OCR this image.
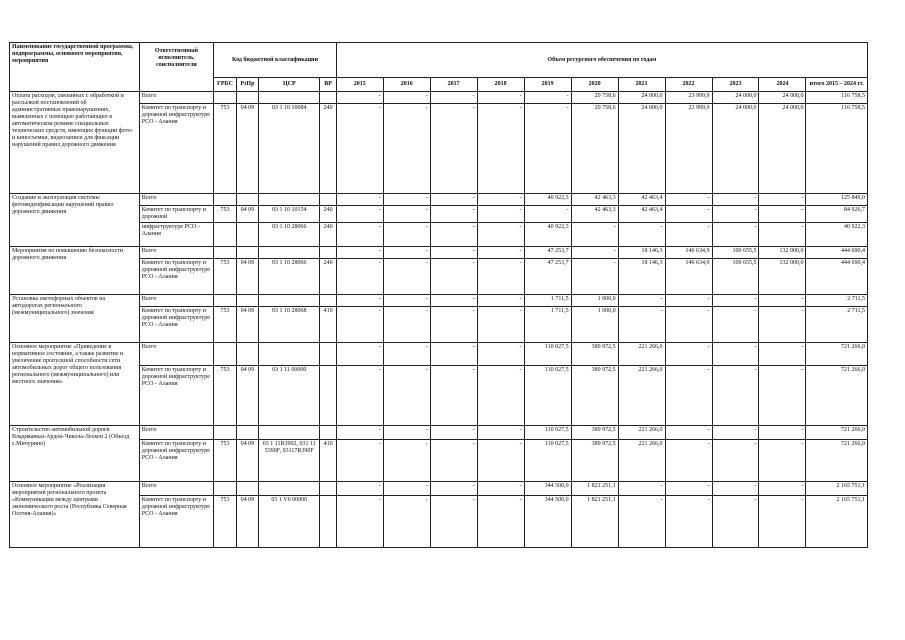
Наименование государственной программы, подпрограммы, основного мероприятия, мероприятия	Ответственный исполнитель, соисполнители	Код бюджетной классификации				Объем ресурсного обеспечения по годам										
		ГРБС	РзПр	ЦСР	ВР	2015	2016	2017	2018	2019	2020	2021	2022	2023	2024	итого 2015 – 2024 гг.
Оплата расходов, связанных с обработкой и рассылкой постановлений об административных правонарушениях, выявленных с помощью работающих в автоматическом режиме специальных технических средств, имеющих функции фото- и киносъемки, видеозаписи для фиксации нарушений правил дорожного движения	Всего					-	-	-	-	-	20 758,6	24 000,0	23 999,9	24 000,0	24 000,0	116 758,5
	Комитет по транспорту и дорожной инфраструктуре РСО - Алания	753	04 09	03 1 10 10084	240	-	-	-	-	-	20 758,6	24 000,0	23 999,9	24 000,0	24 000,0	116 758,5
Создание и эксплуатация системы фотовидеофиксации нарушений правил дорожного движения	Всего					-	-	-	-	40 922,3	42 463,3	42 463,4	-	-	-	125 849,0
	Комитет по транспорту и дорожной	753	04 09	03 1 10 10154	240	-	-	-	-	-	42 463,3	42 463,4	-	-	-	84 926,7
	инфраструктуре РСО - Алания			03 1 10 28066	240	-	-	-	-	40 922,3	-	-	-	-	-	40 922,3
Мероприятия по повышению безопасности дорожного движения	Всего					-	-	-	-	47 253,7	-	18 146,3	146 634,9	100 655,5	132 000,0	444 690,4
	Комитет по транспорту и дорожной инфраструктуре РСО - Алания	753	04 09	03 1 10 28066	240	-	-	-	-	47 253,7	-	18 146,3	146 634,9	100 655,5	132 000,0	444 690,4
Установка светофорных объектов на автодорогах регионального (межмуниципального) значения	Всего					-	-	-	-	1 711,5	1 000,0	-	-	-	-	2 711,5
	Комитет по транспорту и дорожной инфраструктуре РСО - Алания	753	04 09	03 1 10 28068	410	-	-	-	-	1 711,5	1 000,0	-	-	-	-	2 711,5
Основное мероприятие «Приведение в нормативное состояние, а также развитие и увеличение пропускной способности сети автомобильных дорог общего пользования регионального (межмуниципального) или местного значения»	Всего					-	-	-	-	110 027,5	389 972,5	221 266,0	-	-	-	721 266,0
	Комитет по транспорту и дорожной инфраструктуре РСО - Алания	753	04 09	03 1 11 00000		-	-	-	-	110 027,5	389 972,5	221 266,0	-	-	-	721 266,0
Строительство автомобильной дороги Владикавказ-Ардон-Чикола-Лескен 2 (Объезд с.Мичурино)	Всего					-	-	-	-	110 027,5	389 972,5	221 266,0	-	-	-	721 266,0
	Комитет по транспорту и дорожной инфраструктуре РСО - Алания	753	04 09	03 1 11R3902, 031 11 5390F, 03117R390F	410	-	-	-	-	110 027,5	389 972,5	221 266,0	-	-	-	721 266,0
Основное мероприятие «Реализация мероприятий регионального проекта «Коммуникации между центрами экономического роста (Республика Северная Осетия-Алания)»	Всего					-	-	-	-	344 500,0	1 821 251,1	-	-	-	-	2 165 751,1
	Комитет по транспорту и дорожной инфраструктуре РСО - Алания	753	04 09	03 1 V6 00000		-	-	-	-	344 500,0	1 821 251,1	-	-	-	-	2 165 751,1
